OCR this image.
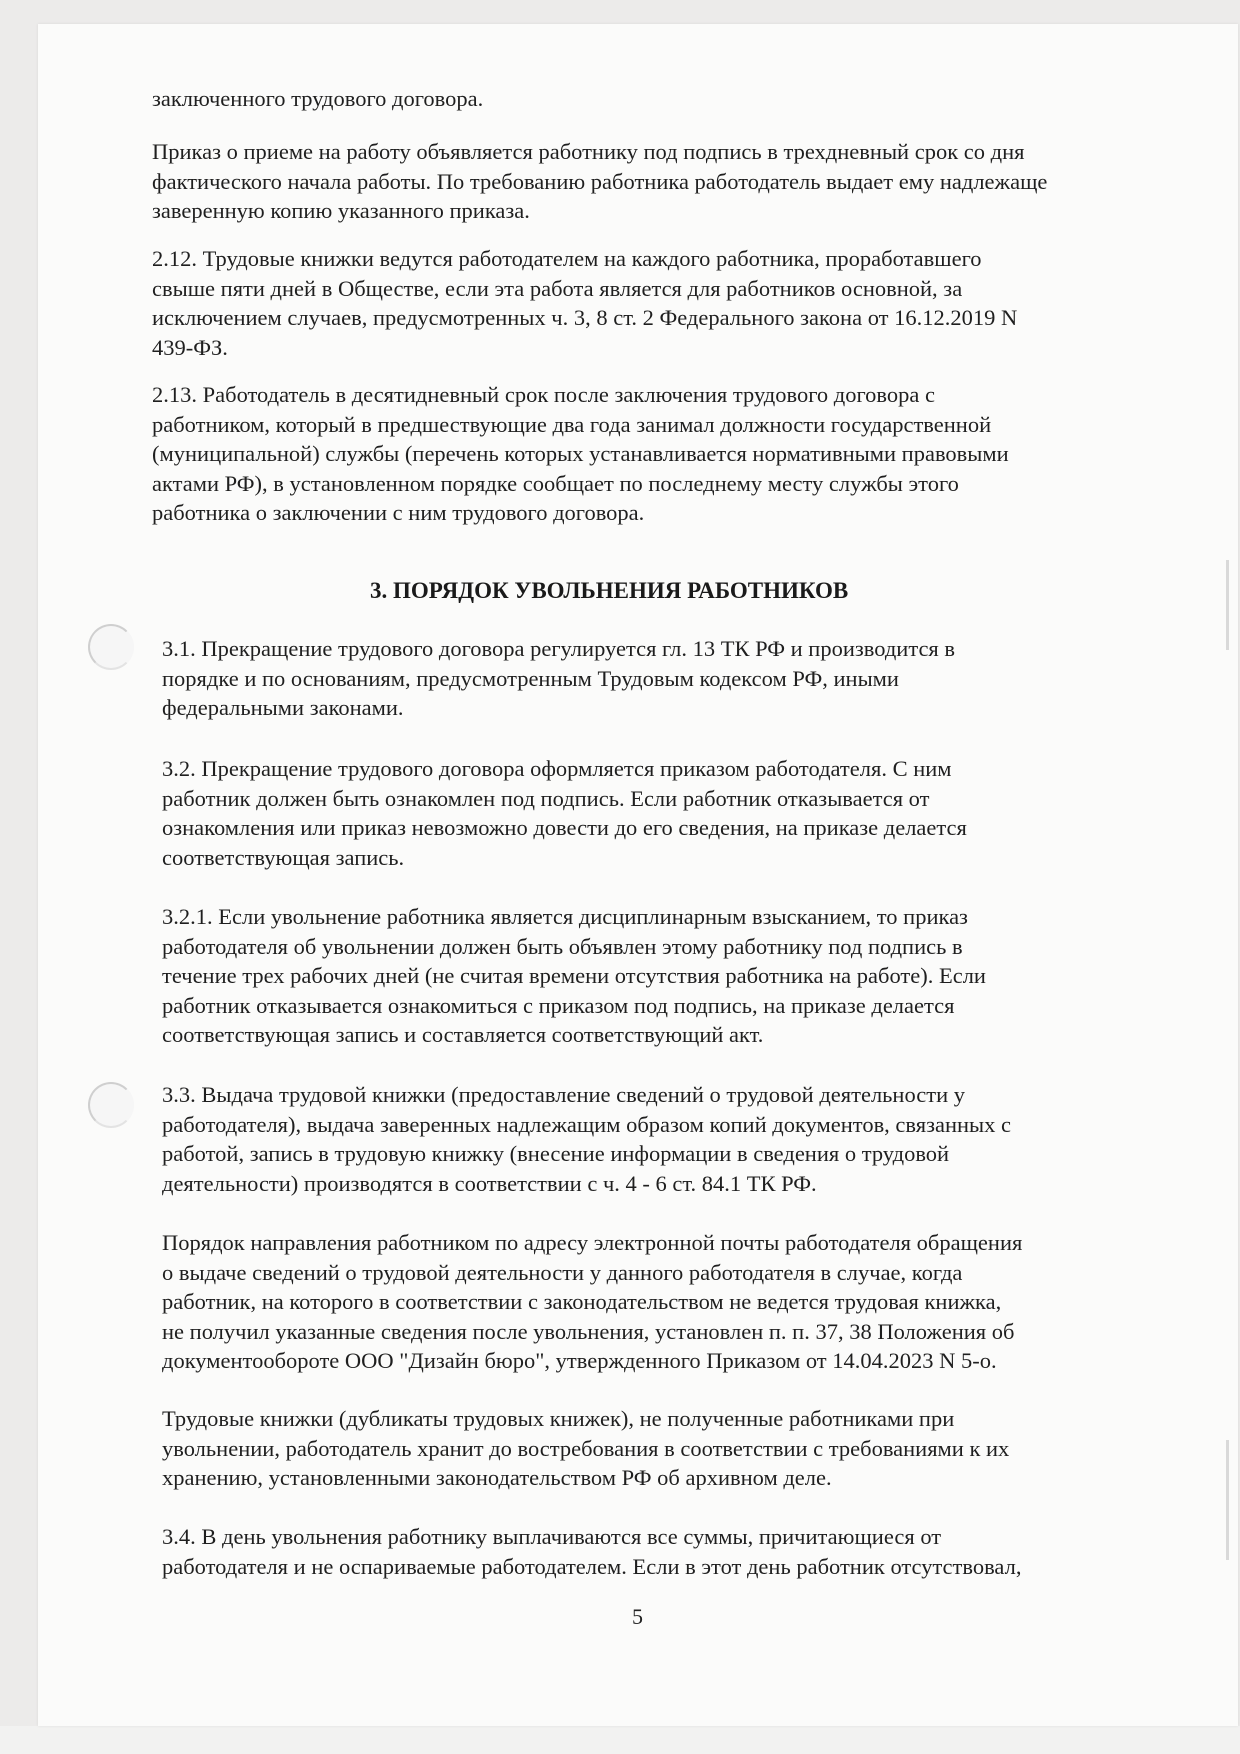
заключенного трудового договора.
Приказ о приеме на работу объявляется работнику под подпись в трехдневный срок со дня
фактического начала работы. По требованию работника работодатель выдает ему надлежаще
заверенную копию указанного приказа.
2.12. Трудовые книжки ведутся работодателем на каждого работника, проработавшего
свыше пяти дней в Обществе, если эта работа является для работников основной, за
исключением случаев, предусмотренных ч. 3, 8 ст. 2 Федерального закона от 16.12.2019 N
439-ФЗ.
2.13. Работодатель в десятидневный срок после заключения трудового договора с
работником, который в предшествующие два года занимал должности государственной
(муниципальной) службы (перечень которых устанавливается нормативными правовыми
актами РФ), в установленном порядке сообщает по последнему месту службы этого
работника о заключении с ним трудового договора.
3. ПОРЯДОК УВОЛЬНЕНИЯ РАБОТНИКОВ
3.1. Прекращение трудового договора регулируется гл. 13 ТК РФ и производится в
порядке и по основаниям, предусмотренным Трудовым кодексом РФ, иными
федеральными законами.
3.2. Прекращение трудового договора оформляется приказом работодателя. С ним
работник должен быть ознакомлен под подпись. Если работник отказывается от
ознакомления или приказ невозможно довести до его сведения, на приказе делается
соответствующая запись.
3.2.1. Если увольнение работника является дисциплинарным взысканием, то приказ
работодателя об увольнении должен быть объявлен этому работнику под подпись в
течение трех рабочих дней (не считая времени отсутствия работника на работе). Если
работник отказывается ознакомиться с приказом под подпись, на приказе делается
соответствующая запись и составляется соответствующий акт.
3.3. Выдача трудовой книжки (предоставление сведений о трудовой деятельности у
работодателя), выдача заверенных надлежащим образом копий документов, связанных с
работой, запись в трудовую книжку (внесение информации в сведения о трудовой
деятельности) производятся в соответствии с ч. 4 - 6 ст. 84.1 ТК РФ.
Порядок направления работником по адресу электронной почты работодателя обращения
о выдаче сведений о трудовой деятельности у данного работодателя в случае, когда
работник, на которого в соответствии с законодательством не ведется трудовая книжка,
не получил указанные сведения после увольнения, установлен п. п. 37, 38 Положения об
документообороте ООО "Дизайн бюро", утвержденного Приказом от 14.04.2023 N 5-о.
Трудовые книжки (дубликаты трудовых книжек), не полученные работниками при
увольнении, работодатель хранит до востребования в соответствии с требованиями к их
хранению, установленными законодательством РФ об архивном деле.
3.4. В день увольнения работнику выплачиваются все суммы, причитающиеся от
работодателя и не оспариваемые работодателем. Если в этот день работник отсутствовал,
5
